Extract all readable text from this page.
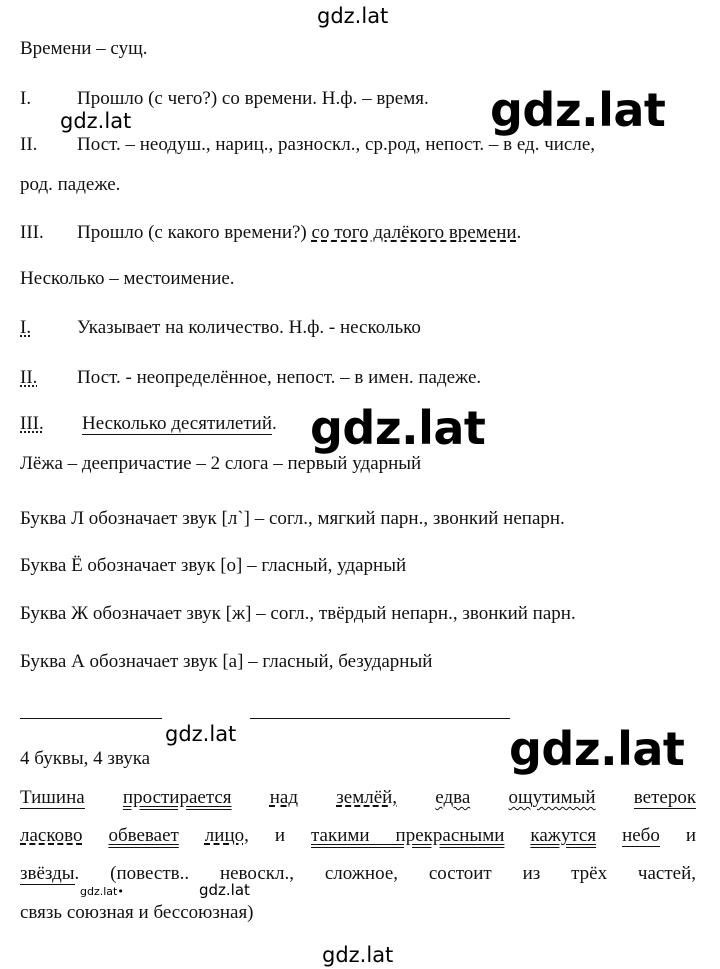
gdz.lat
gdz.lat
gdz.lat
gdz.lat
gdz.lat	gdz.lat
gdz.lat•	gdz.lat
gdz.lat
Времени – сущ.
I. Прошло (с чего?) со времени. Н.ф. – время.
II. Пост. – неодуш., нариц., разноскл., ср.род, непост. – в ед. числе,
род. падеже.
III. Прошло (с какого времени?) со того далёкого времени.
Несколько – местоимение.
I. Указывает на количество. Н.ф. - несколько
II. Пост. - неопределённое, непост. – в имен. падеже.
III. Несколько десятилетий.
Лёжа – деепричастие – 2 слога – первый ударный
Буква Л обозначает звук [л`] – согл., мягкий парн., звонкий непарн.
Буква Ё обозначает звук [о] – гласный, ударный
Буква Ж обозначает звук [ж] – согл., твёрдый непарн., звонкий парн.
Буква А обозначает звук [а] – гласный, безударный
4 буквы, 4 звука
Тишина простирается над землёй, едва ощутимый ветерок
ласково обвевает лицо, и такими прекрасными кажутся небо и
звёзды. (повеств.. невоскл., сложное, состоит из трёх частей,
связь союзная и бессоюзная)
